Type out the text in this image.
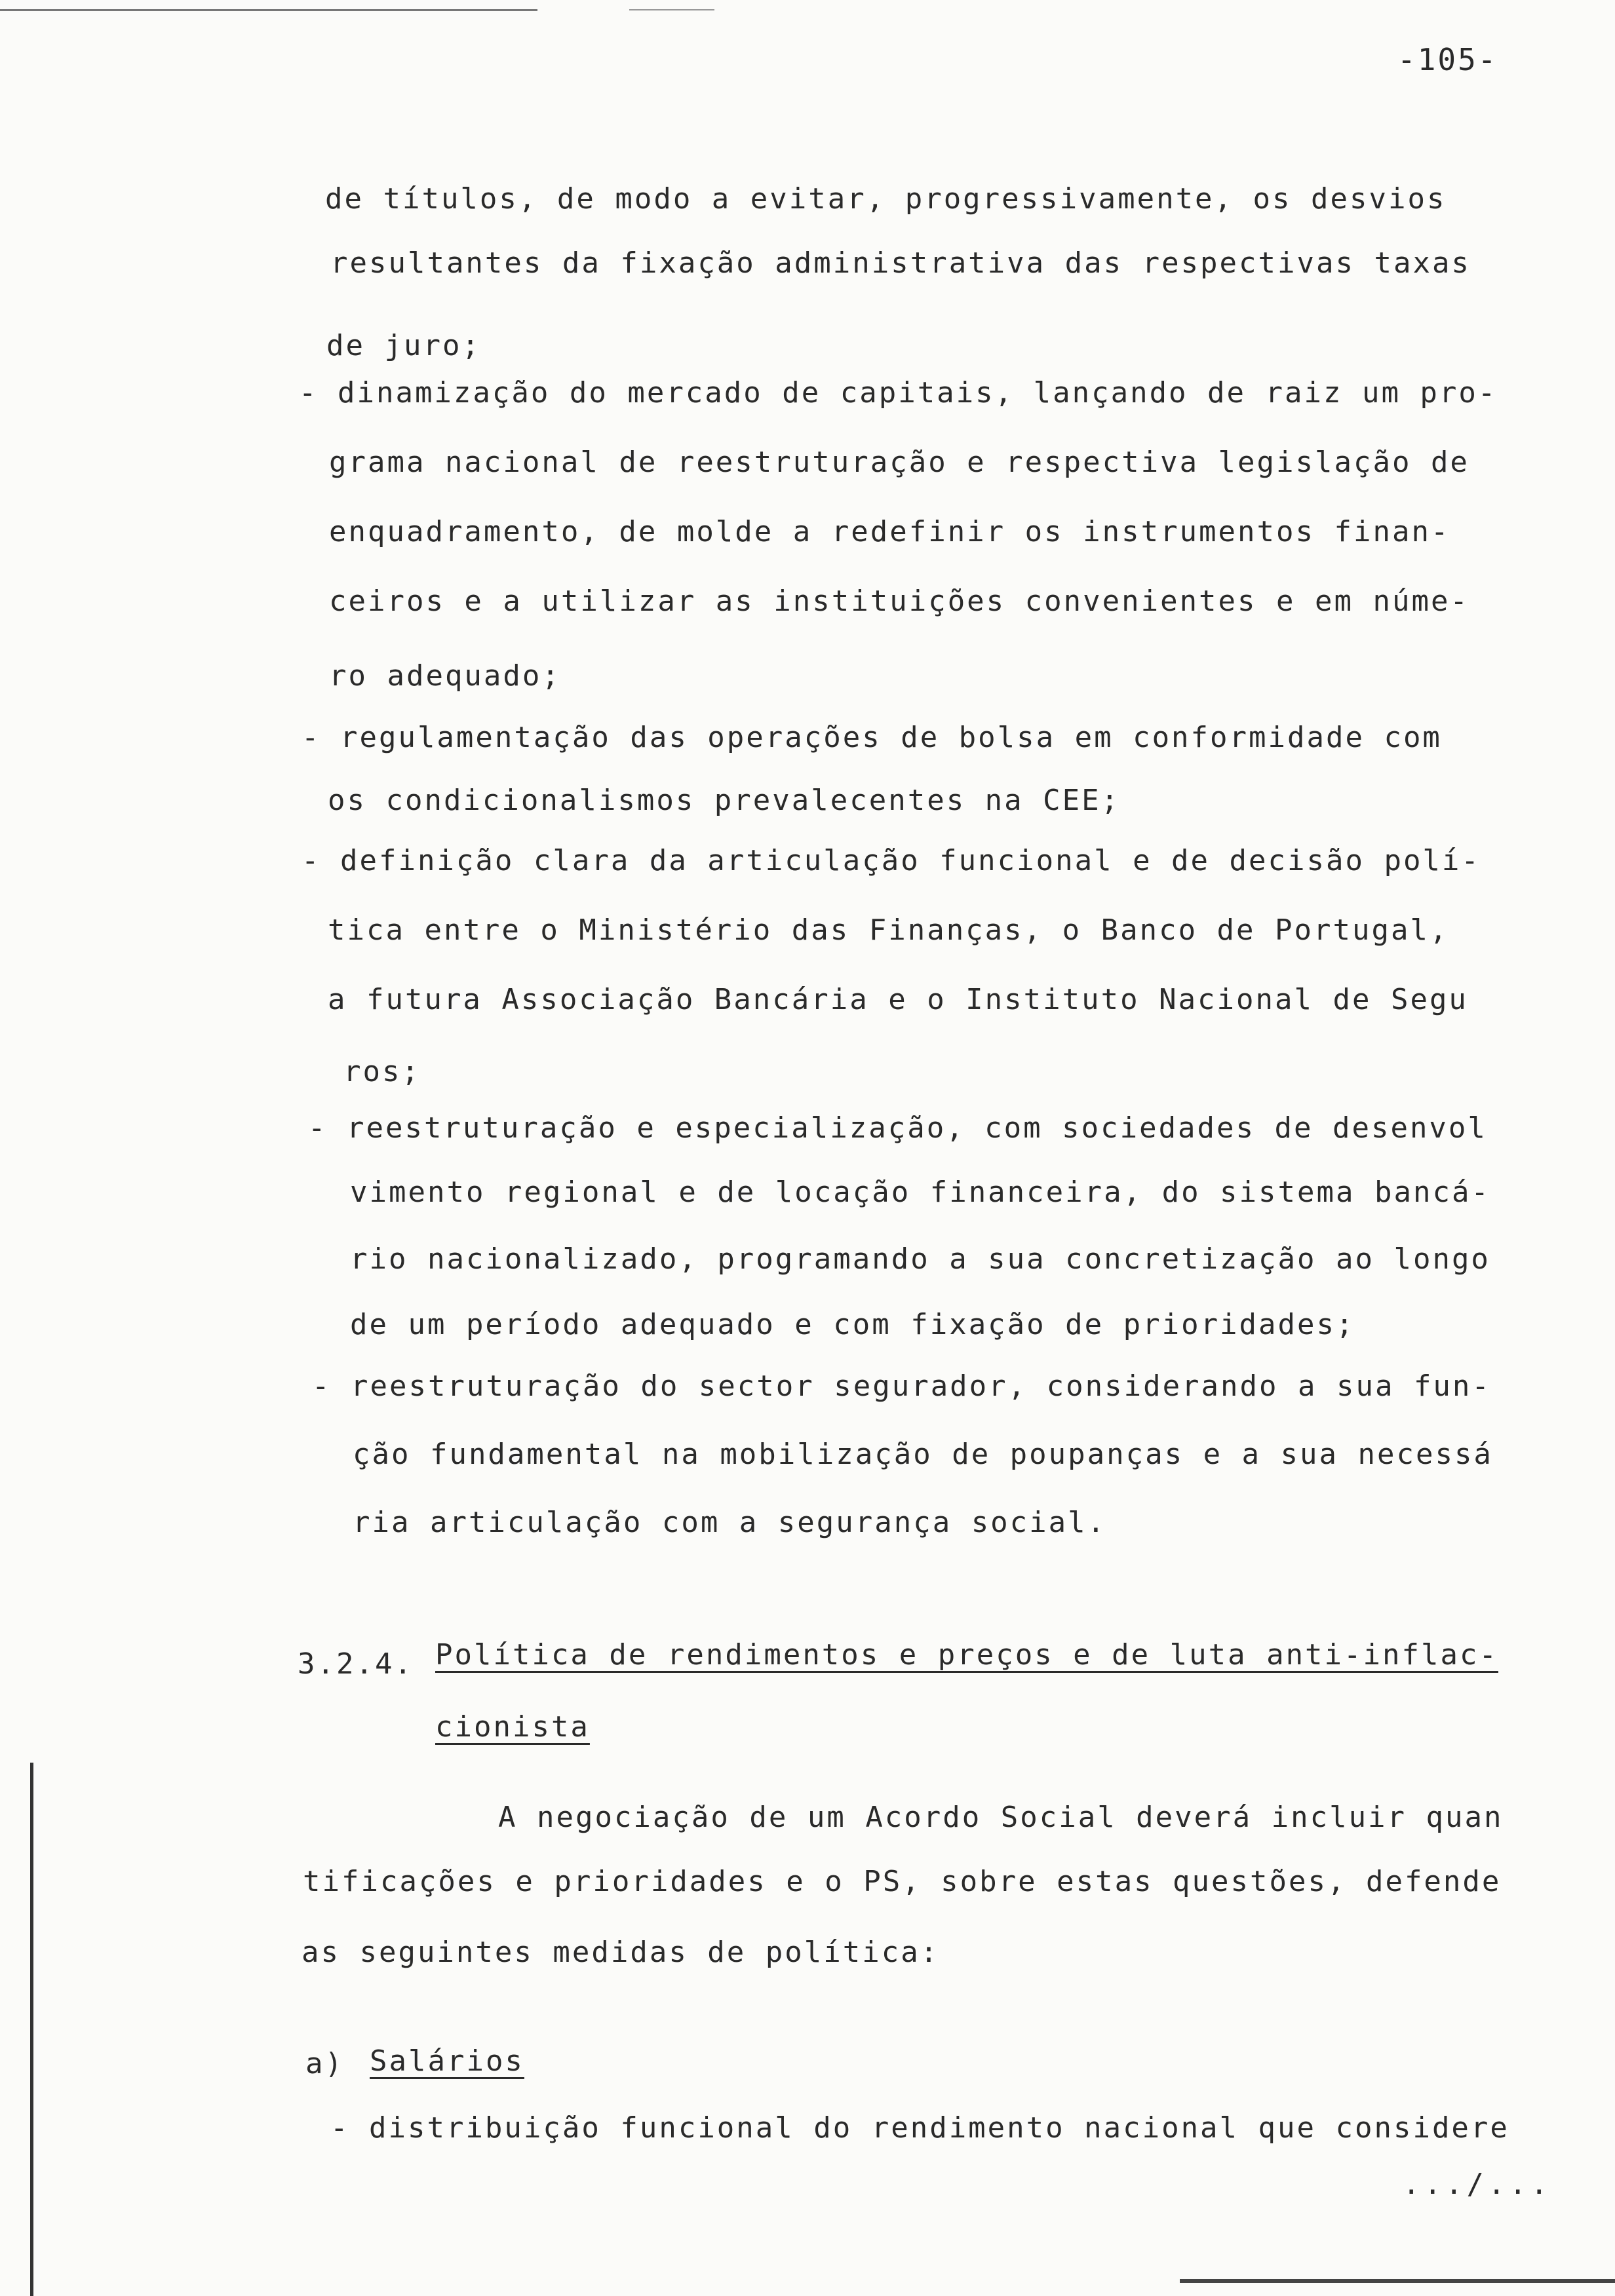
-105-
de títulos, de modo a evitar, progressivamente, os desvios
resultantes da fixação administrativa das respectivas taxas
de juro;
- dinamização do mercado de capitais, lançando de raiz um pro-
grama nacional de reestruturação e respectiva legislação de
enquadramento, de molde a redefinir os instrumentos finan-
ceiros e a utilizar as instituições convenientes e em núme-
ro adequado;
- regulamentação das operações de bolsa em conformidade com
os condicionalismos prevalecentes na CEE;
- definição clara da articulação funcional e de decisão polí-
tica entre o Ministério das Finanças, o Banco de Portugal,
a futura Associação Bancária e o Instituto Nacional de Segu
ros;
- reestruturação e especialização, com sociedades de desenvol
vimento regional e de locação financeira, do sistema bancá-
rio nacionalizado, programando a sua concretização ao longo
de um período adequado e com fixação de prioridades;
- reestruturação do sector segurador, considerando a sua fun-
ção fundamental na mobilização de poupanças e a sua necessá
ria articulação com a segurança social.
3.2.4. Política de rendimentos e preços e de luta anti-inflac-
cionista
A negociação de um Acordo Social deverá incluir quan
tificações e prioridades e o PS, sobre estas questões, defende
as seguintes medidas de política:
a) Salários
- distribuição funcional do rendimento nacional que considere
.../...
